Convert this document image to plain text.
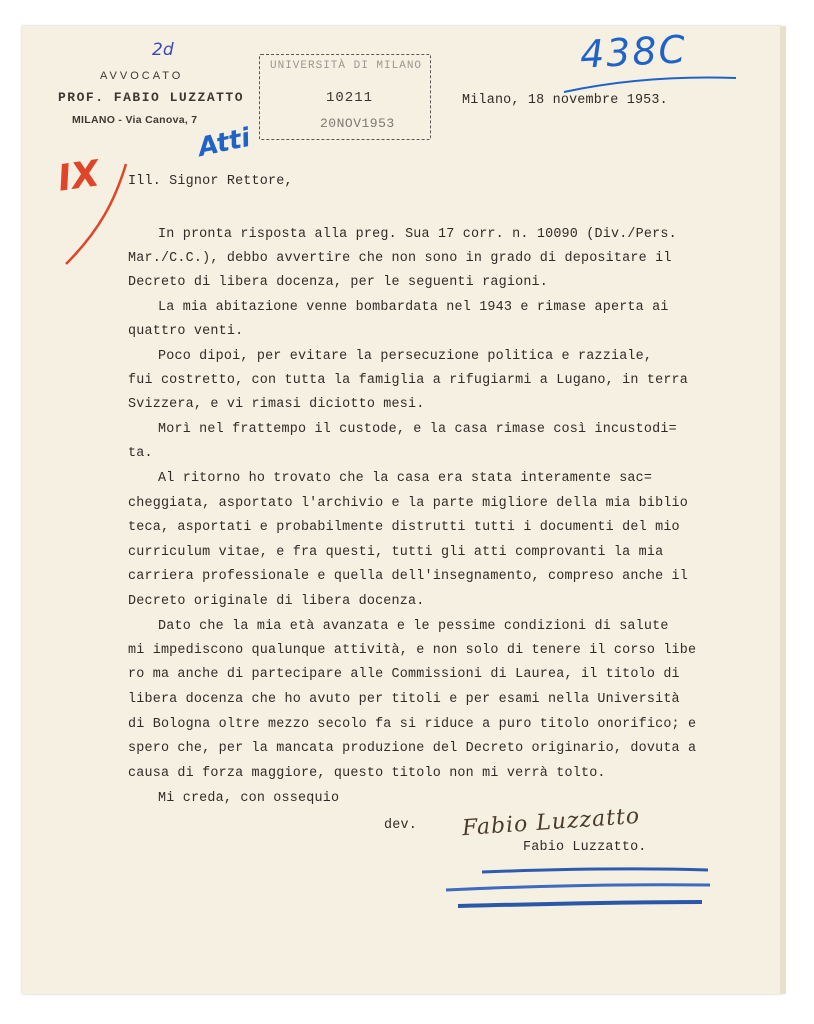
AVVOCATO
PROF. FABIO LUZZATTO
MILANO - Via Canova, 7
2d
UNIVERSITÀ DI MILANO
10211
20NOV1953
438C
Atti
IX
Milano, 18 novembre 1953.
Ill. Signor Rettore,
In pronta risposta alla preg. Sua 17 corr. n. 10090 (Div./Pers.
Mar./C.C.), debbo avvertire che non sono in grado di depositare il
Decreto di libera docenza, per le seguenti ragioni.
La mia abitazione venne bombardata nel 1943 e rimase aperta ai
quattro venti.
Poco dipoi, per evitare la persecuzione politica e razziale,
fui costretto, con tutta la famiglia a rifugiarmi a Lugano, in terra
Svizzera, e vi rimasi diciotto mesi.
Morì nel frattempo il custode, e la casa rimase così incustodi=
ta.
Al ritorno ho trovato che la casa era stata interamente sac=
cheggiata, asportato l'archivio e la parte migliore della mia biblio
teca, asportati e probabilmente distrutti tutti i documenti del mio
curriculum vitae, e fra questi, tutti gli atti comprovanti la mia
carriera professionale e quella dell'insegnamento, compreso anche il
Decreto originale di libera docenza.
Dato che la mia età avanzata e le pessime condizioni di salute
mi impediscono qualunque attività, e non solo di tenere il corso libe
ro ma anche di partecipare alle Commissioni di Laurea, il titolo di
libera docenza che ho avuto per titoli e per esami nella Università
di Bologna oltre mezzo secolo fa si riduce a puro titolo onorifico; e
spero che, per la mancata produzione del Decreto originario, dovuta a
causa di forza maggiore, questo titolo non mi verrà tolto.
Mi creda, con ossequio
dev. Fabio Luzzatto
Fabio Luzzatto.
